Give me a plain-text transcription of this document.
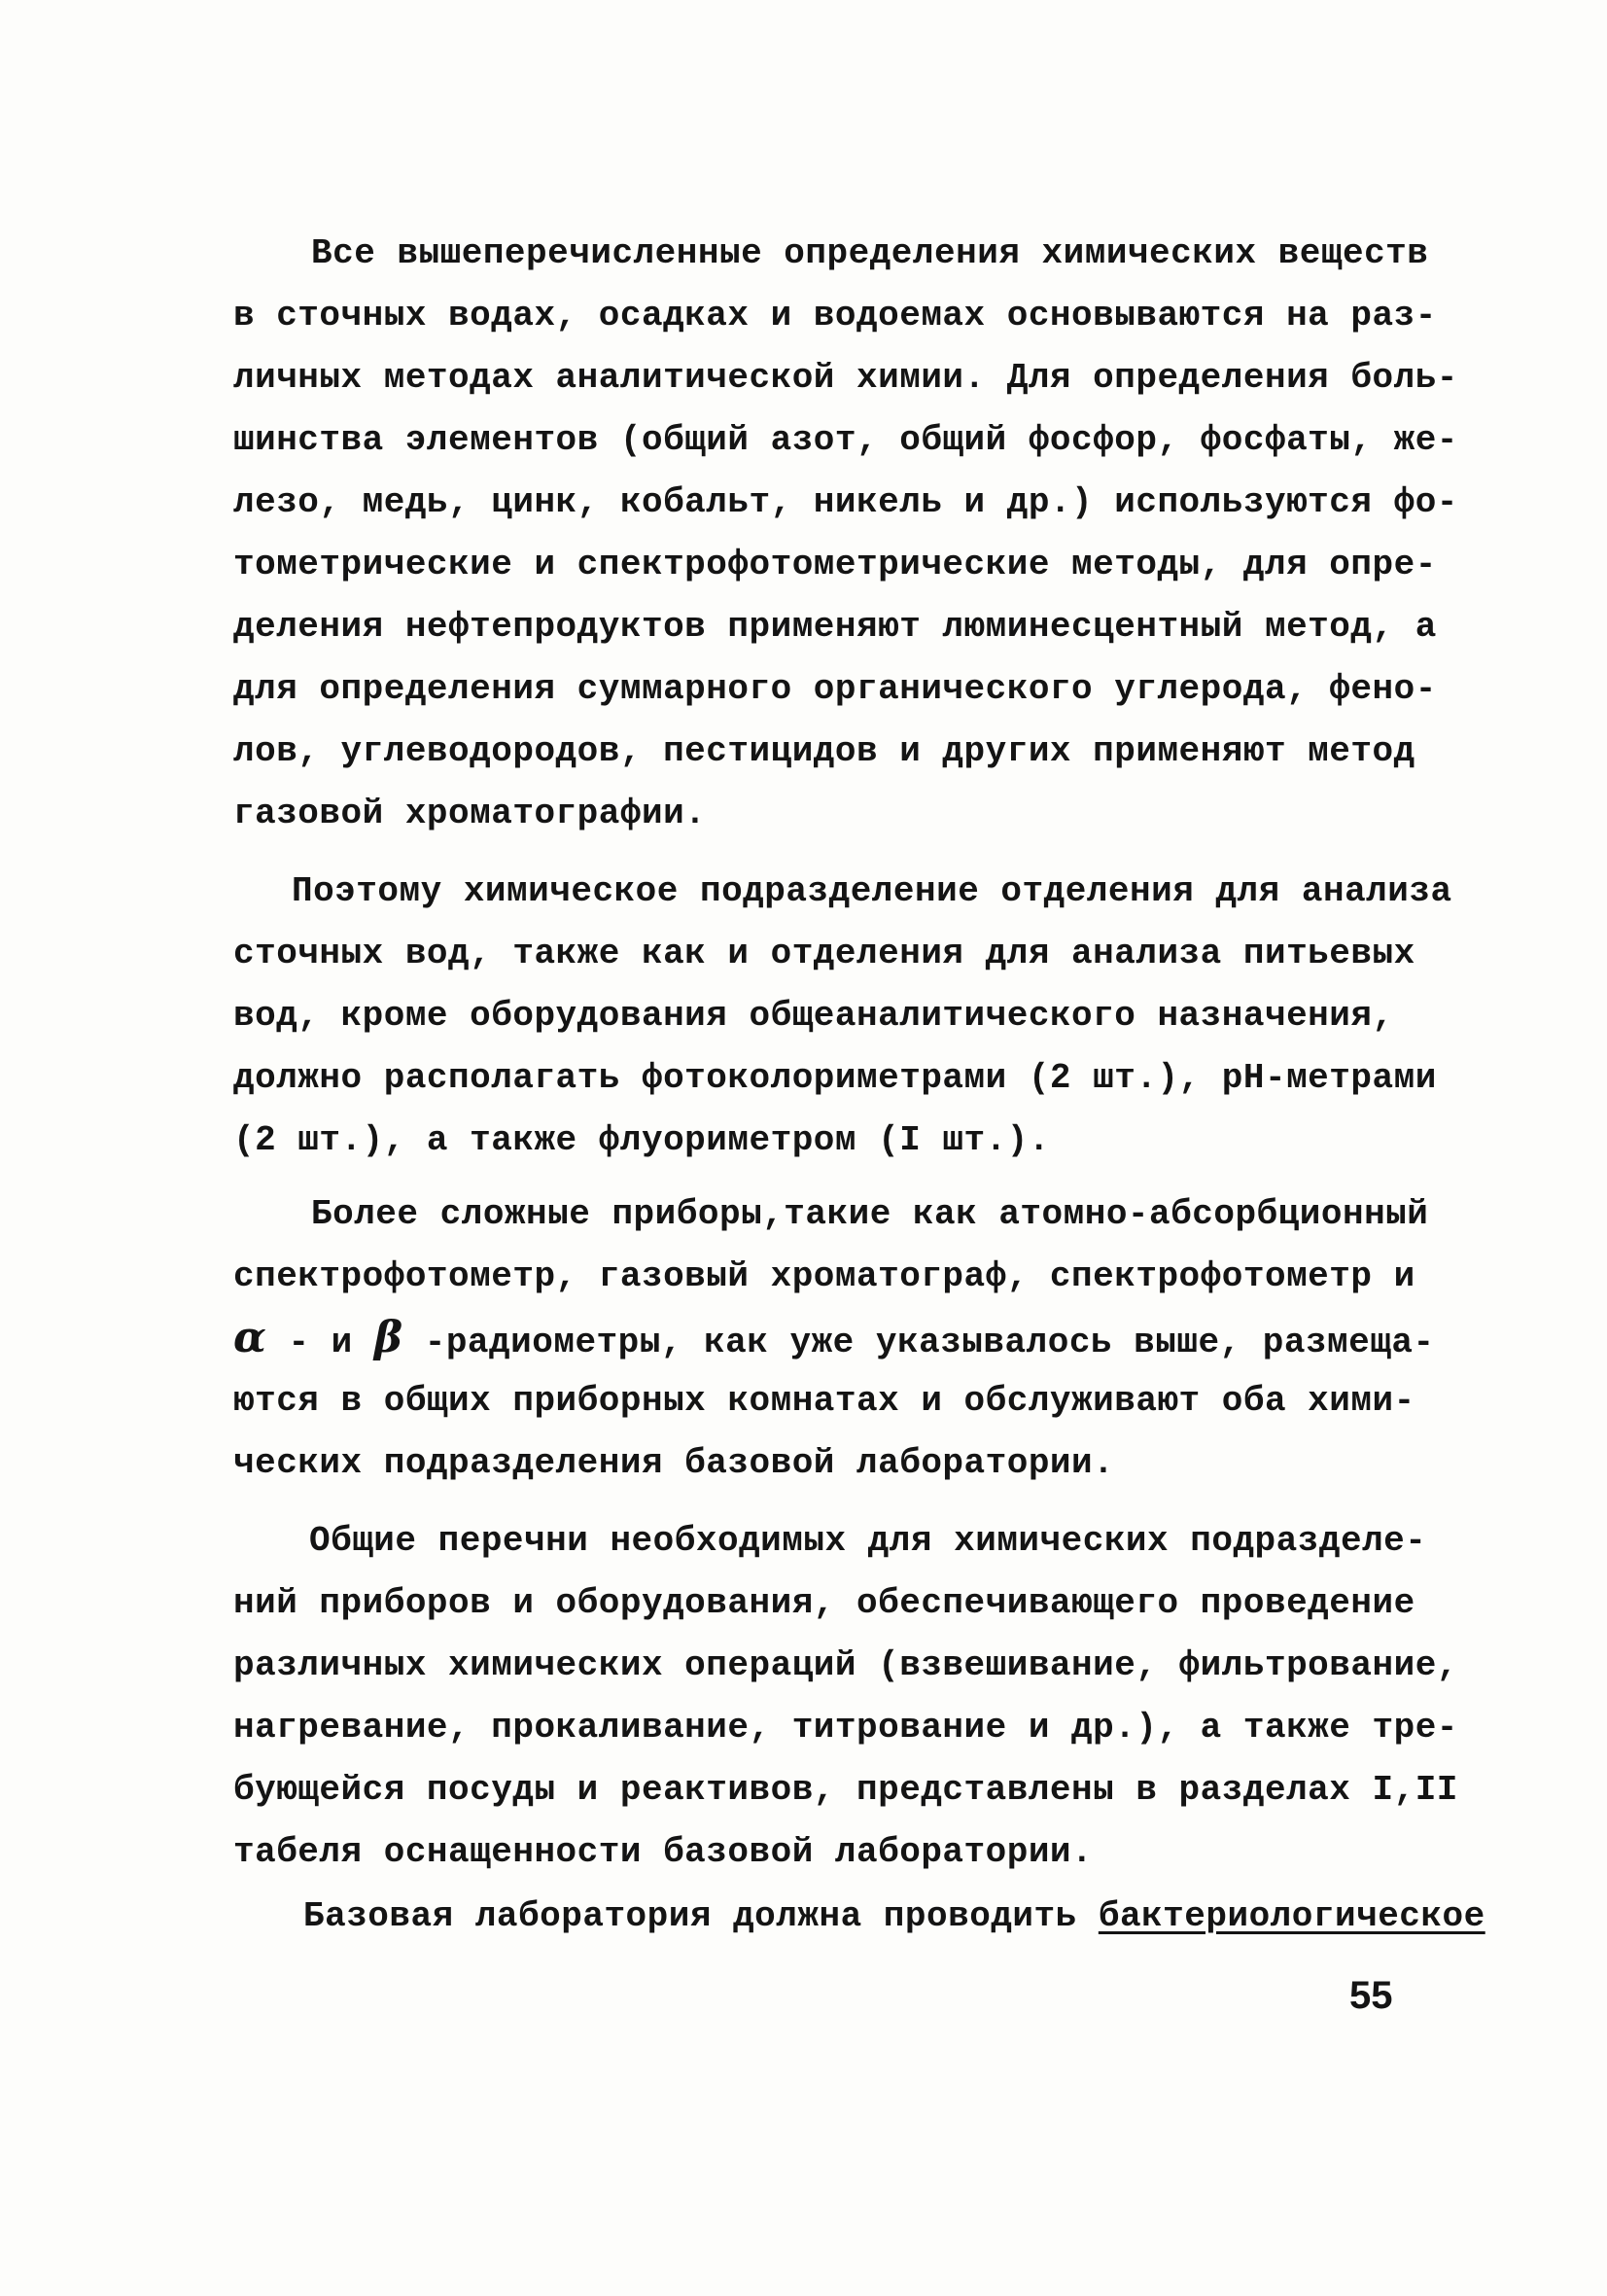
Все вышеперечисленные определения химических веществ
в сточных водах, осадках и водоемах основываются на раз-
личных методах аналитической химии. Для определения боль-
шинства элементов (общий азот, общий фосфор, фосфаты, же-
лезо, медь, цинк, кобальт, никель и др.) используются фо-
тометрические и спектрофотометрические методы, для опре-
деления нефтепродуктов применяют люминесцентный метод, а
для определения суммарного органического углерода, фено-
лов, углеводородов, пестицидов и других применяют метод
газовой хроматографии.
Поэтому химическое подразделение отделения для анализа
сточных вод, также как и отделения для анализа питьевых
вод, кроме оборудования общеаналитического назначения,
должно располагать фотоколориметрами (2 шт.), pH-метрами
(2 шт.), а также флуориметром (I шт.).
Более сложные приборы,такие как атомно-абсорбционный
спектрофотометр, газовый хроматограф, спектрофотометр и
α - и β -радиометры, как уже указывалось выше, размеща-
ются в общих приборных комнатах и обслуживают оба хими-
ческих подразделения базовой лаборатории.
Общие перечни необходимых для химических подразделе-
ний приборов и оборудования, обеспечивающего проведение
различных химических операций (взвешивание, фильтрование,
нагревание, прокаливание, титрование и др.), а также тре-
бующейся посуды и реактивов, представлены в разделах I,II
табеля оснащенности базовой лаборатории.
Базовая лаборатория должна проводить бактериологическое
55
